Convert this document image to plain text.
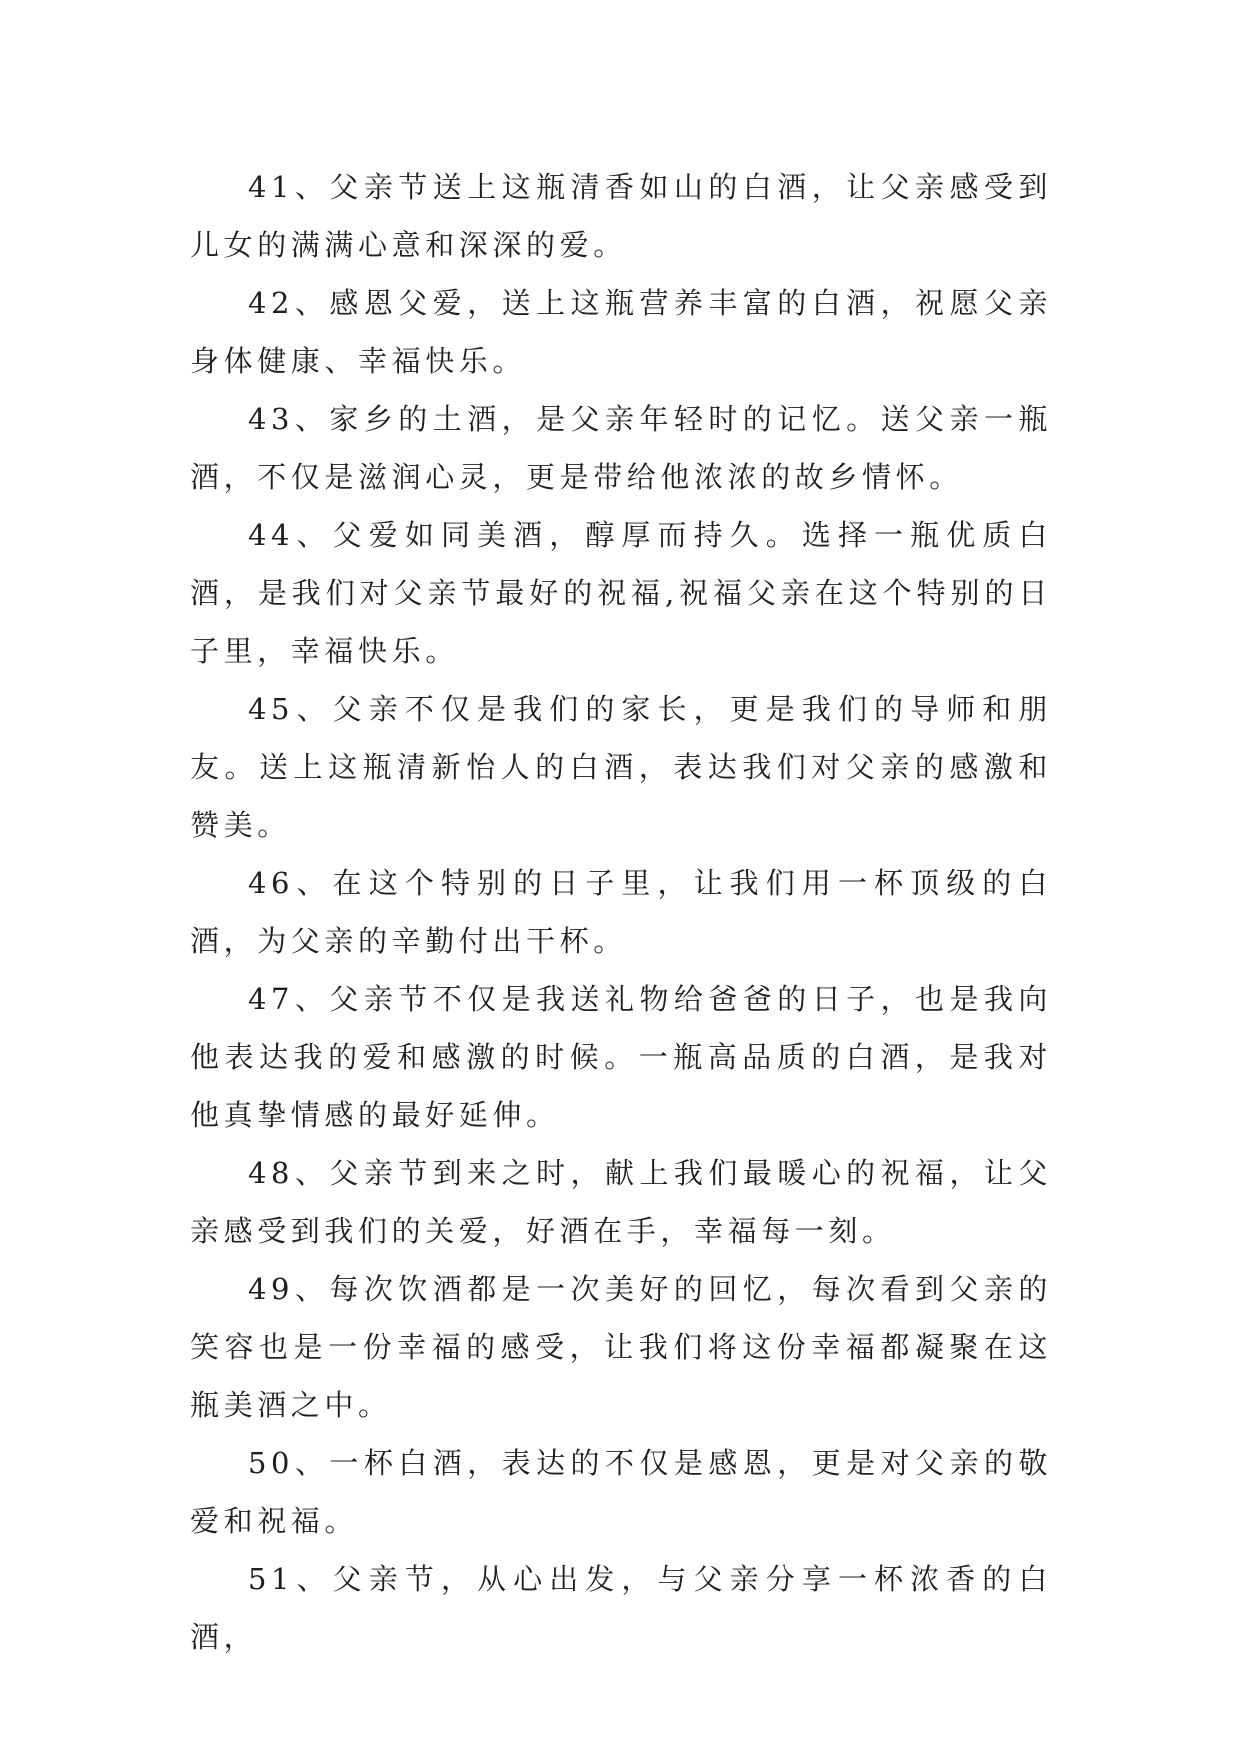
41、父亲节送上这瓶清香如山的白酒，让父亲感受到儿女的满满心意和深深的爱。

42、感恩父爱，送上这瓶营养丰富的白酒，祝愿父亲身体健康、幸福快乐。

43、家乡的土酒，是父亲年轻时的记忆。送父亲一瓶酒，不仅是滋润心灵，更是带给他浓浓的故乡情怀。

44、父爱如同美酒，醇厚而持久。选择一瓶优质白酒，是我们对父亲节最好的祝福,祝福父亲在这个特别的日子里，幸福快乐。

45、父亲不仅是我们的家长，更是我们的导师和朋友。送上这瓶清新怡人的白酒，表达我们对父亲的感激和赞美。

46、在这个特别的日子里，让我们用一杯顶级的白酒，为父亲的辛勤付出干杯。

47、父亲节不仅是我送礼物给爸爸的日子，也是我向他表达我的爱和感激的时候。一瓶高品质的白酒，是我对他真挚情感的最好延伸。

48、父亲节到来之时，献上我们最暖心的祝福，让父亲感受到我们的关爱，好酒在手，幸福每一刻。

49、每次饮酒都是一次美好的回忆，每次看到父亲的笑容也是一份幸福的感受，让我们将这份幸福都凝聚在这瓶美酒之中。

50、一杯白酒，表达的不仅是感恩，更是对父亲的敬爱和祝福。

51、父亲节，从心出发，与父亲分享一杯浓香的白酒，
